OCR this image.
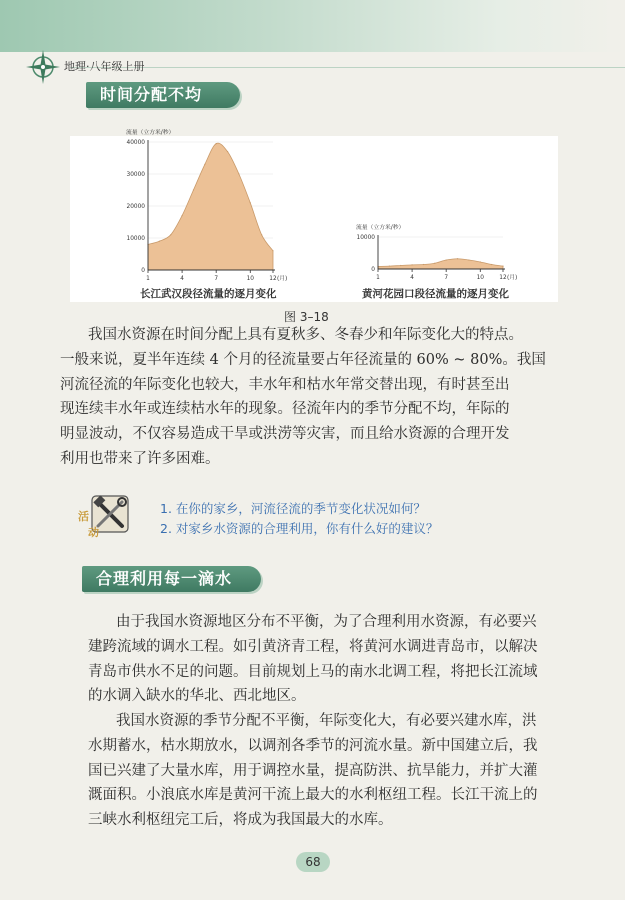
地理·八年级上册
时间分配不均
流量（立方米/秒）
0
10000
20000
30000
40000
1	4	7	10	12 (月)
流量（立方米/秒）
0
10000
1	4	7	10	12 (月)
长江武汉段径流量的逐月变化	黄河花园口段径流量的逐月变化
图 3–18
我国水资源在时间分配上具有夏秋多、冬春少和年际变化大的特点。
一般来说，夏半年连续 4 个月的径流量要占年径流量的 60% ~ 80%。我国
河流径流的年际变化也较大，丰水年和枯水年常交替出现，有时甚至出
现连续丰水年或连续枯水年的现象。径流年内的季节分配不均，年际的
明显波动，不仅容易造成干旱或洪涝等灾害，而且给水资源的合理开发
利用也带来了许多困难。
活
动
1. 在你的家乡，河流径流的季节变化状况如何？
2. 对家乡水资源的合理利用，你有什么好的建议？
合理利用每一滴水
由于我国水资源地区分布不平衡，为了合理利用水资源，有必要兴
建跨流域的调水工程。如引黄济青工程，将黄河水调进青岛市，以解决
青岛市供水不足的问题。目前规划上马的南水北调工程，将把长江流域
的水调入缺水的华北、西北地区。
我国水资源的季节分配不平衡，年际变化大，有必要兴建水库，洪
水期蓄水，枯水期放水，以调剂各季节的河流水量。新中国建立后，我
国已兴建了大量水库，用于调控水量，提高防洪、抗旱能力，并扩大灌
溉面积。小浪底水库是黄河干流上最大的水利枢纽工程。长江干流上的
三峡水利枢纽完工后，将成为我国最大的水库。
68
